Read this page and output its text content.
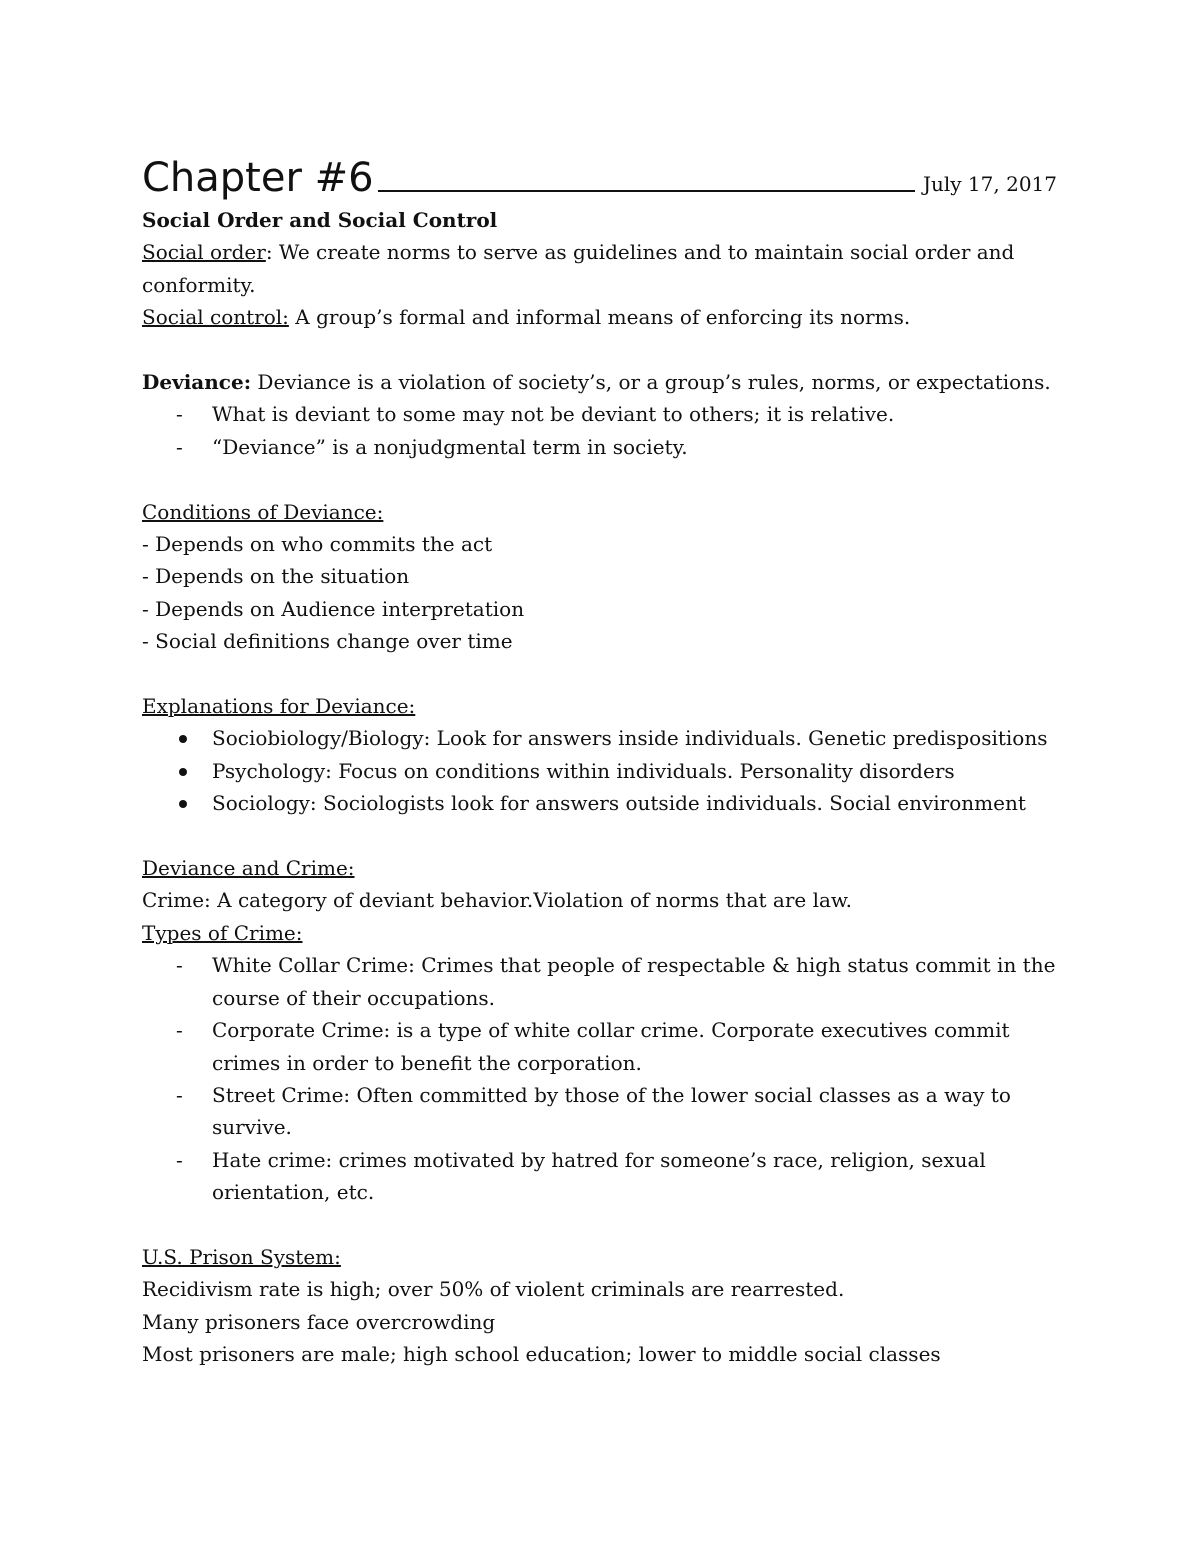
Chapter #6	July 17, 2017
Social Order and Social Control

Social order: We create norms to serve as guidelines and to maintain social order and conformity.

Social control: A group’s formal and informal means of enforcing its norms.

Deviance: Deviance is a violation of society’s, or a group’s rules, norms, or expectations.

- What is deviant to some may not be deviant to others; it is relative.
- “Deviance” is a nonjudgmental term in society.
Conditions of Deviance:
- Depends on who commits the act
- Depends on the situation
- Depends on Audience interpretation
- Social definitions change over time
Explanations for Deviance:
Sociobiology/Biology: Look for answers inside individuals. Genetic predispositions
Psychology: Focus on conditions within individuals. Personality disorders
Sociology: Sociologists look for answers outside individuals. Social environment
Deviance and Crime:
Crime: A category of deviant behavior.Violation of norms that are law.
Types of Crime:
- White Collar Crime: Crimes that people of respectable & high status commit in the course of their occupations.
- Corporate Crime: is a type of white collar crime. Corporate executives commit crimes in order to benefit the corporation.
- Street Crime: Often committed by those of the lower social classes as a way to survive.
- Hate crime: crimes motivated by hatred for someone’s race, religion, sexual orientation, etc.
U.S. Prison System:
Recidivism rate is high; over 50% of violent criminals are rearrested.
Many prisoners face overcrowding
Most prisoners are male; high school education; lower to middle social classes
